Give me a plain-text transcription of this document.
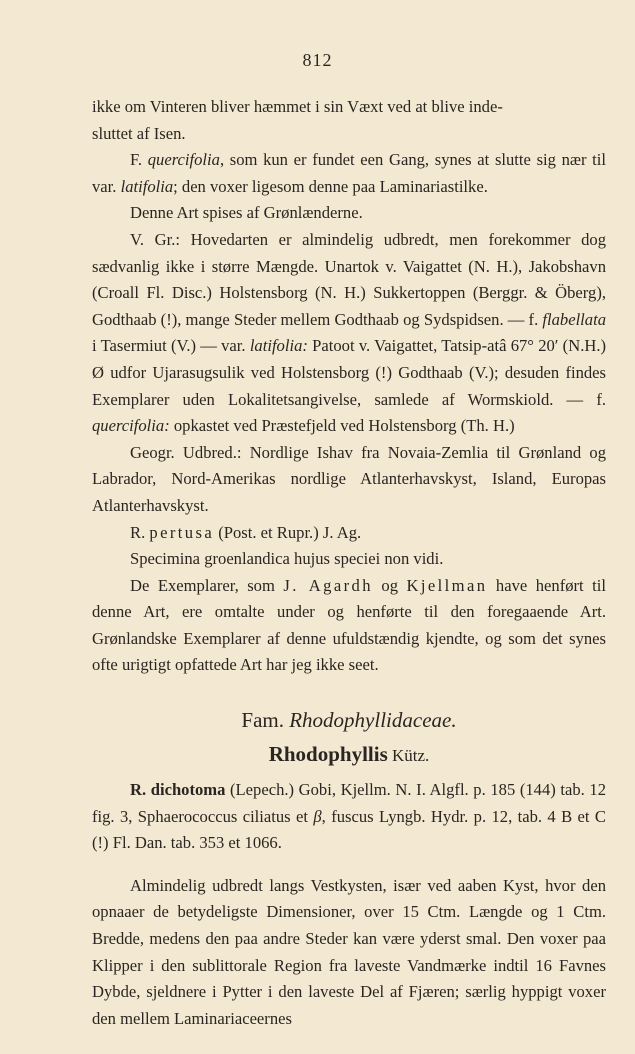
812

ikke om Vinteren bliver hæmmet i sin Væxt ved at blive inde-
sluttet af Isen.

F. quercifolia, som kun er fundet een Gang, synes at slutte sig nær til var. latifolia; den voxer ligesom denne paa Laminariastilke.

Denne Art spises af Grønlænderne.

V. Gr.: Hovedarten er almindelig udbredt, men forekommer dog sædvanlig ikke i større Mængde. Unartok v. Vaigattet (N. H.), Jakobshavn (Croall Fl. Disc.) Holstensborg (N. H.) Sukkertoppen (Berggr. & Öberg), Godthaab (!), mange Steder mellem Godthaab og Sydspidsen. — f. flabellata i Tasermiut (V.) — var. latifolia: Patoot v. Vaigattet, Tatsip-atâ 67° 20′ (N.H.) Ø udfor Ujarasugsulik ved Holstensborg (!) Godthaab (V.); desuden findes Exemplarer uden Lokalitetsangivelse, samlede af Wormskiold. — f. quercifolia: opkastet ved Præstefjeld ved Holstensborg (Th. H.)

Geogr. Udbred.: Nordlige Ishav fra Novaia-Zemlia til Grønland og Labrador, Nord-Amerikas nordlige Atlanterhavskyst, Island, Europas Atlanterhavskyst.

R. pertusa (Post. et Rupr.) J. Ag.

Specimina groenlandica hujus speciei non vidi.

De Exemplarer, som J. Agardh og Kjellman have henført til denne Art, ere omtalte under og henførte til den foregaaende Art. Grønlandske Exemplarer af denne ufuldstændig kjendte, og som det synes ofte urigtigt opfattede Art har jeg ikke seet.

Fam. Rhodophyllidaceae.
Rhodophyllis Kütz.

R. dichotoma (Lepech.) Gobi, Kjellm. N. I. Algfl. p. 185 (144) tab. 12 fig. 3, Sphaerococcus ciliatus et β, fuscus Lyngb. Hydr. p. 12, tab. 4 B et C (!) Fl. Dan. tab. 353 et 1066.

Almindelig udbredt langs Vestkysten, især ved aaben Kyst, hvor den opnaaer de betydeligste Dimensioner, over 15 Ctm. Længde og 1 Ctm. Bredde, medens den paa andre Steder kan være yderst smal. Den voxer paa Klipper i den sublittorale Region fra laveste Vandmærke indtil 16 Favnes Dybde, sjeldnere i Pytter i den laveste Del af Fjæren; særlig hyppigt voxer den mellem Laminariaceernes
